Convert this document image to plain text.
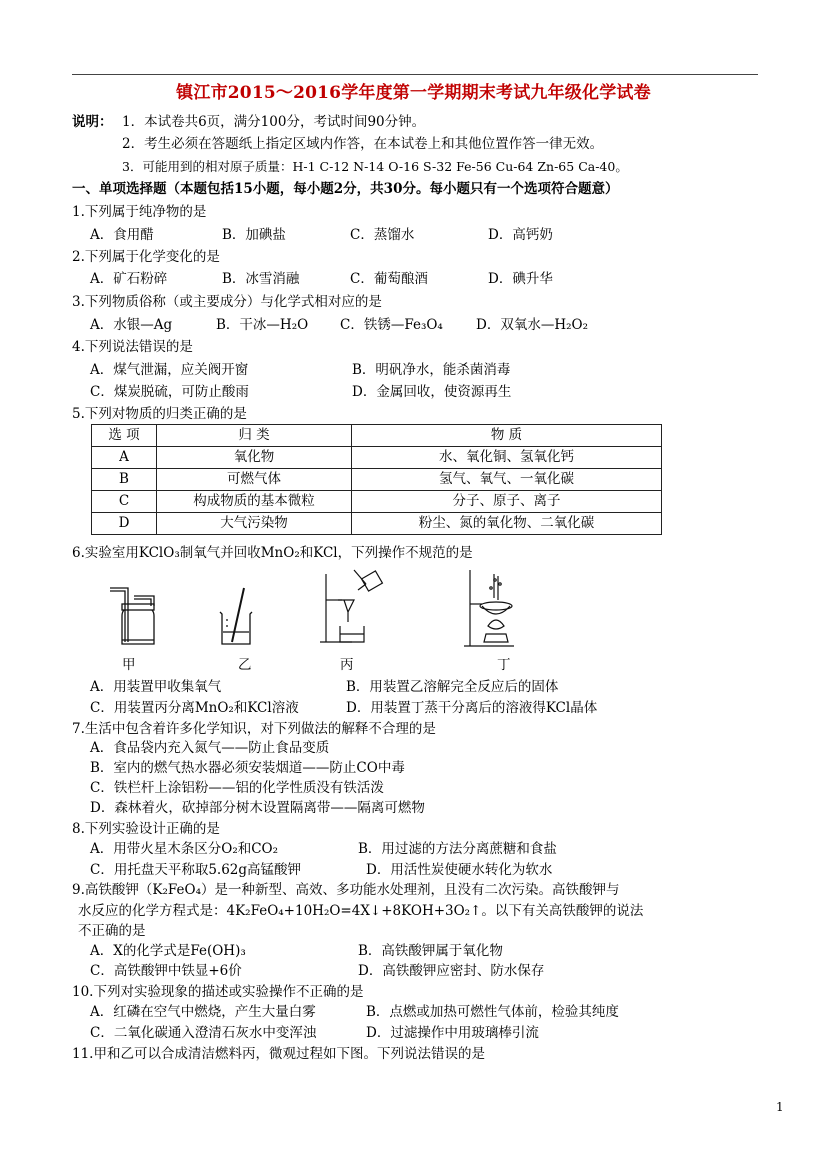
镇江市2015～2016学年度第一学期期末考试九年级化学试卷
说明： 1．本试卷共6页，满分100分，考试时间90分钟。
2．考生必须在答题纸上指定区域内作答，在本试卷上和其他位置作答一律无效。
3．可能用到的相对原子质量：H-1 C-12 N-14 O-16 S-32 Fe-56 Cu-64 Zn-65 Ca-40。
一、单项选择题（本题包括15小题，每小题2分，共30分。每小题只有一个选项符合题意）
1.下列属于纯净物的是
A．食用醋	B．加碘盐	C．蒸馏水	D．高钙奶
2.下列属于化学变化的是
A．矿石粉碎	B．冰雪消融	C．葡萄酿酒	D．碘升华
3.下列物质俗称（或主要成分）与化学式相对应的是
A．水银—Ag	B．干冰—H₂O C．铁锈—Fe₃O₄ D．双氧水—H₂O₂
4.下列说法错误的是
A．煤气泄漏，应关阀开窗	B．明矾净水，能杀菌消毒
C．煤炭脱硫，可防止酸雨	D．金属回收，使资源再生
5.下列对物质的归类正确的是
选 项	归 类	物 质
A	氧化物	水、氧化铜、氢氧化钙
B	可燃气体	氢气、氧气、一氧化碳
C	构成物质的基本微粒	分子、原子、离子
D	大气污染物	粉尘、氮的氧化物、二氧化碳
6.实验室用KClO₃制氧气并回收MnO₂和KCl，下列操作不规范的是
甲	乙	丙	丁
A．用装置甲收集氧气	B．用装置乙溶解完全反应后的固体
C．用装置丙分离MnO₂和KCl溶液	D．用装置丁蒸干分离后的溶液得KCl晶体
7.生活中包含着许多化学知识，对下列做法的解释不合理的是
A．食品袋内充入氮气——防止食品变质
B．室内的燃气热水器必须安装烟道——防止CO中毒
C．铁栏杆上涂铝粉——铝的化学性质没有铁活泼
D．森林着火，砍掉部分树木设置隔离带——隔离可燃物
8.下列实验设计正确的是
A．用带火星木条区分O₂和CO₂	B．用过滤的方法分离蔗糖和食盐
C．用托盘天平称取5.62g高锰酸钾	D．用活性炭使硬水转化为软水
9.高铁酸钾（K₂FeO₄）是一种新型、高效、多功能水处理剂，且没有二次污染。高铁酸钾与
水反应的化学方程式是：4K₂FeO₄+10H₂O=4X↓+8KOH+3O₂↑。以下有关高铁酸钾的说法
不正确的是
A．X的化学式是Fe(OH)₃	B．高铁酸钾属于氧化物
C．高铁酸钾中铁显+6价	D．高铁酸钾应密封、防水保存
10.下列对实验现象的描述或实验操作不正确的是
A．红磷在空气中燃烧，产生大量白雾	B．点燃或加热可燃性气体前，检验其纯度
C．二氧化碳通入澄清石灰水中变浑浊	D．过滤操作中用玻璃棒引流
11.甲和乙可以合成清洁燃料丙，微观过程如下图。下列说法错误的是
1
